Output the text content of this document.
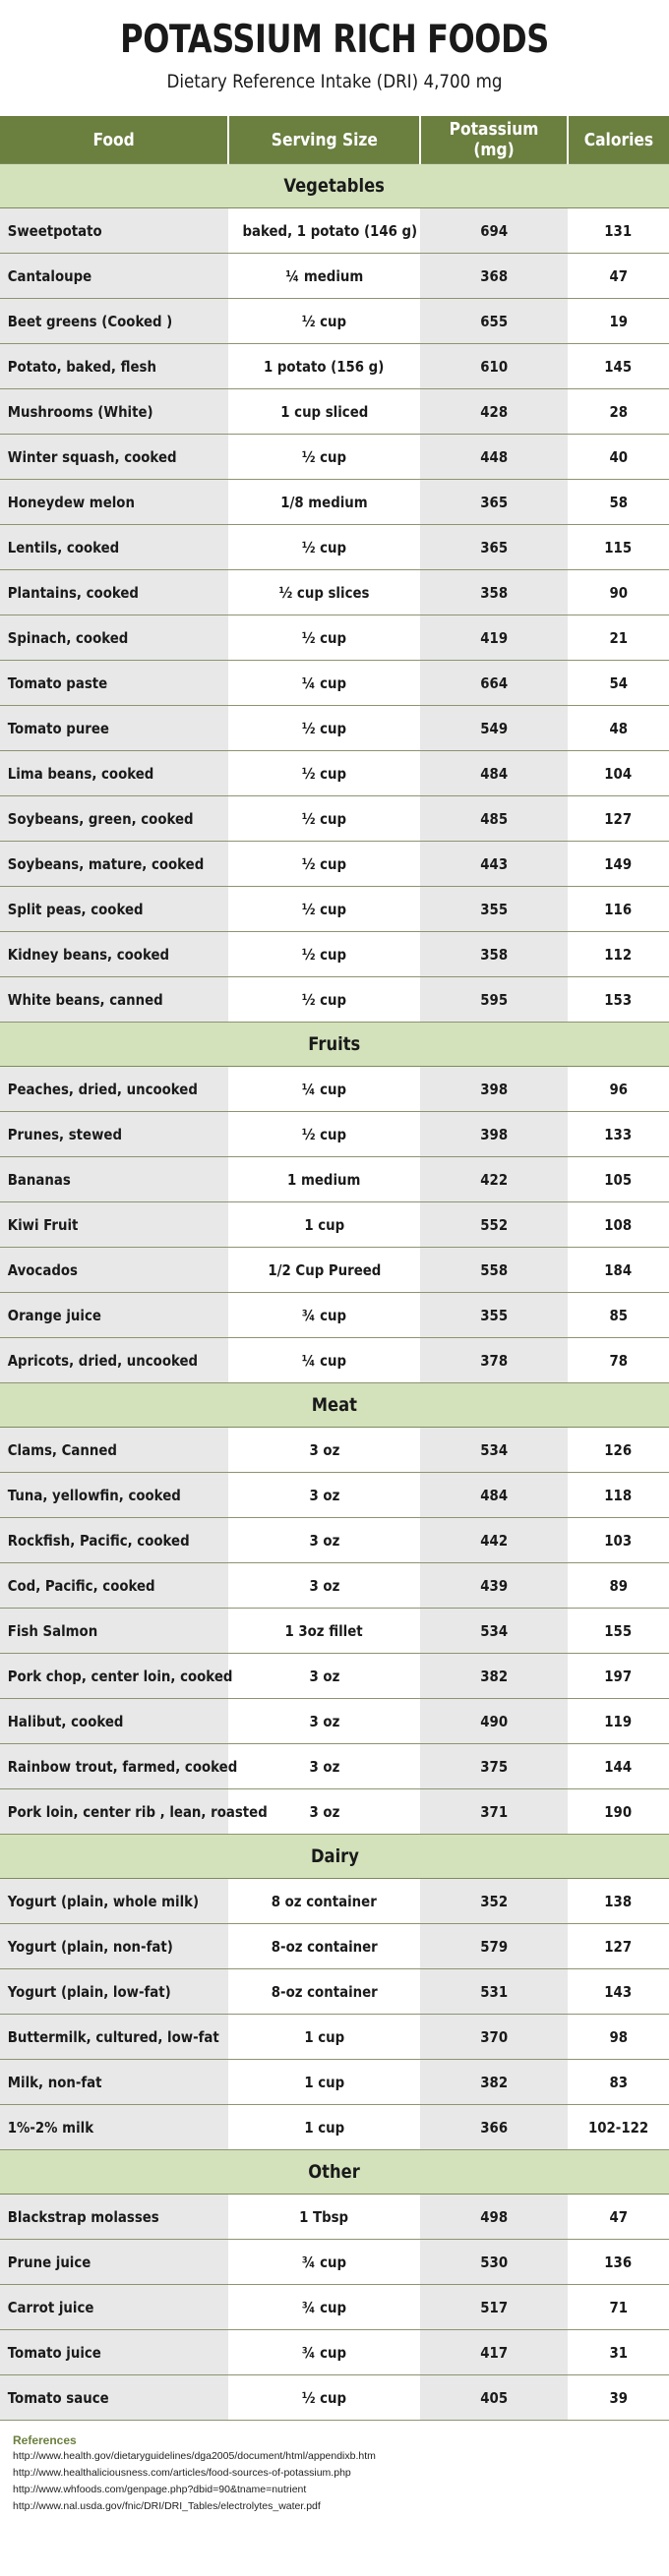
POTASSIUM RICH FOODS
Dietary Reference Intake (DRI) 4,700 mg
Food	Serving Size	Potassium (mg)	Calories
Vegetables			
Sweetpotato	baked, 1 potato (146 g)	694	131
Cantaloupe	¼ medium	368	47
Beet greens (Cooked )	½ cup	655	19
Potato, baked, flesh	1 potato (156 g)	610	145
Mushrooms (White)	1 cup sliced	428	28
Winter squash, cooked	½ cup	448	40
Honeydew melon	1/8 medium	365	58
Lentils, cooked	½ cup	365	115
Plantains, cooked	½ cup slices	358	90
Spinach, cooked	½ cup	419	21
Tomato paste	¼ cup	664	54
Tomato puree	½ cup	549	48
Lima beans, cooked	½ cup	484	104
Soybeans, green, cooked	½ cup	485	127
Soybeans, mature, cooked	½ cup	443	149
Split peas, cooked	½ cup	355	116
Kidney beans, cooked	½ cup	358	112
White beans, canned	½ cup	595	153
Fruits			
Peaches, dried, uncooked	¼ cup	398	96
Prunes, stewed	½ cup	398	133
Bananas	1 medium	422	105
Kiwi Fruit	1 cup	552	108
Avocados	1/2 Cup Pureed	558	184
Orange juice	¾ cup	355	85
Apricots, dried, uncooked	¼ cup	378	78
Meat			
Clams, Canned	3 oz	534	126
Tuna, yellowfin, cooked	3 oz	484	118
Rockfish, Pacific, cooked	3 oz	442	103
Cod, Pacific, cooked	3 oz	439	89
Fish Salmon	1 3oz fillet	534	155
Pork chop, center loin, cooked	3 oz	382	197
Halibut, cooked	3 oz	490	119
Rainbow trout, farmed, cooked	3 oz	375	144
Pork loin, center rib , lean, roasted	3 oz	371	190
Dairy			
Yogurt (plain, whole milk)	8 oz container	352	138
Yogurt (plain, non-fat)	8-oz container	579	127
Yogurt (plain, low-fat)	8-oz container	531	143
Buttermilk, cultured, low-fat	1 cup	370	98
Milk, non-fat	1 cup	382	83
1%-2% milk	1 cup	366	102-122
Other			
Blackstrap molasses	1 Tbsp	498	47
Prune juice	¾ cup	530	136
Carrot juice	¾ cup	517	71
Tomato juice	¾ cup	417	31
Tomato sauce	½ cup	405	39
References
http://www.health.gov/dietaryguidelines/dga2005/document/html/appendixb.htm
http://www.healthaliciousness.com/articles/food-sources-of-potassium.php
http://www.whfoods.com/genpage.php?dbid=90&tname=nutrient
http://www.nal.usda.gov/fnic/DRI/DRI_Tables/electrolytes_water.pdf
